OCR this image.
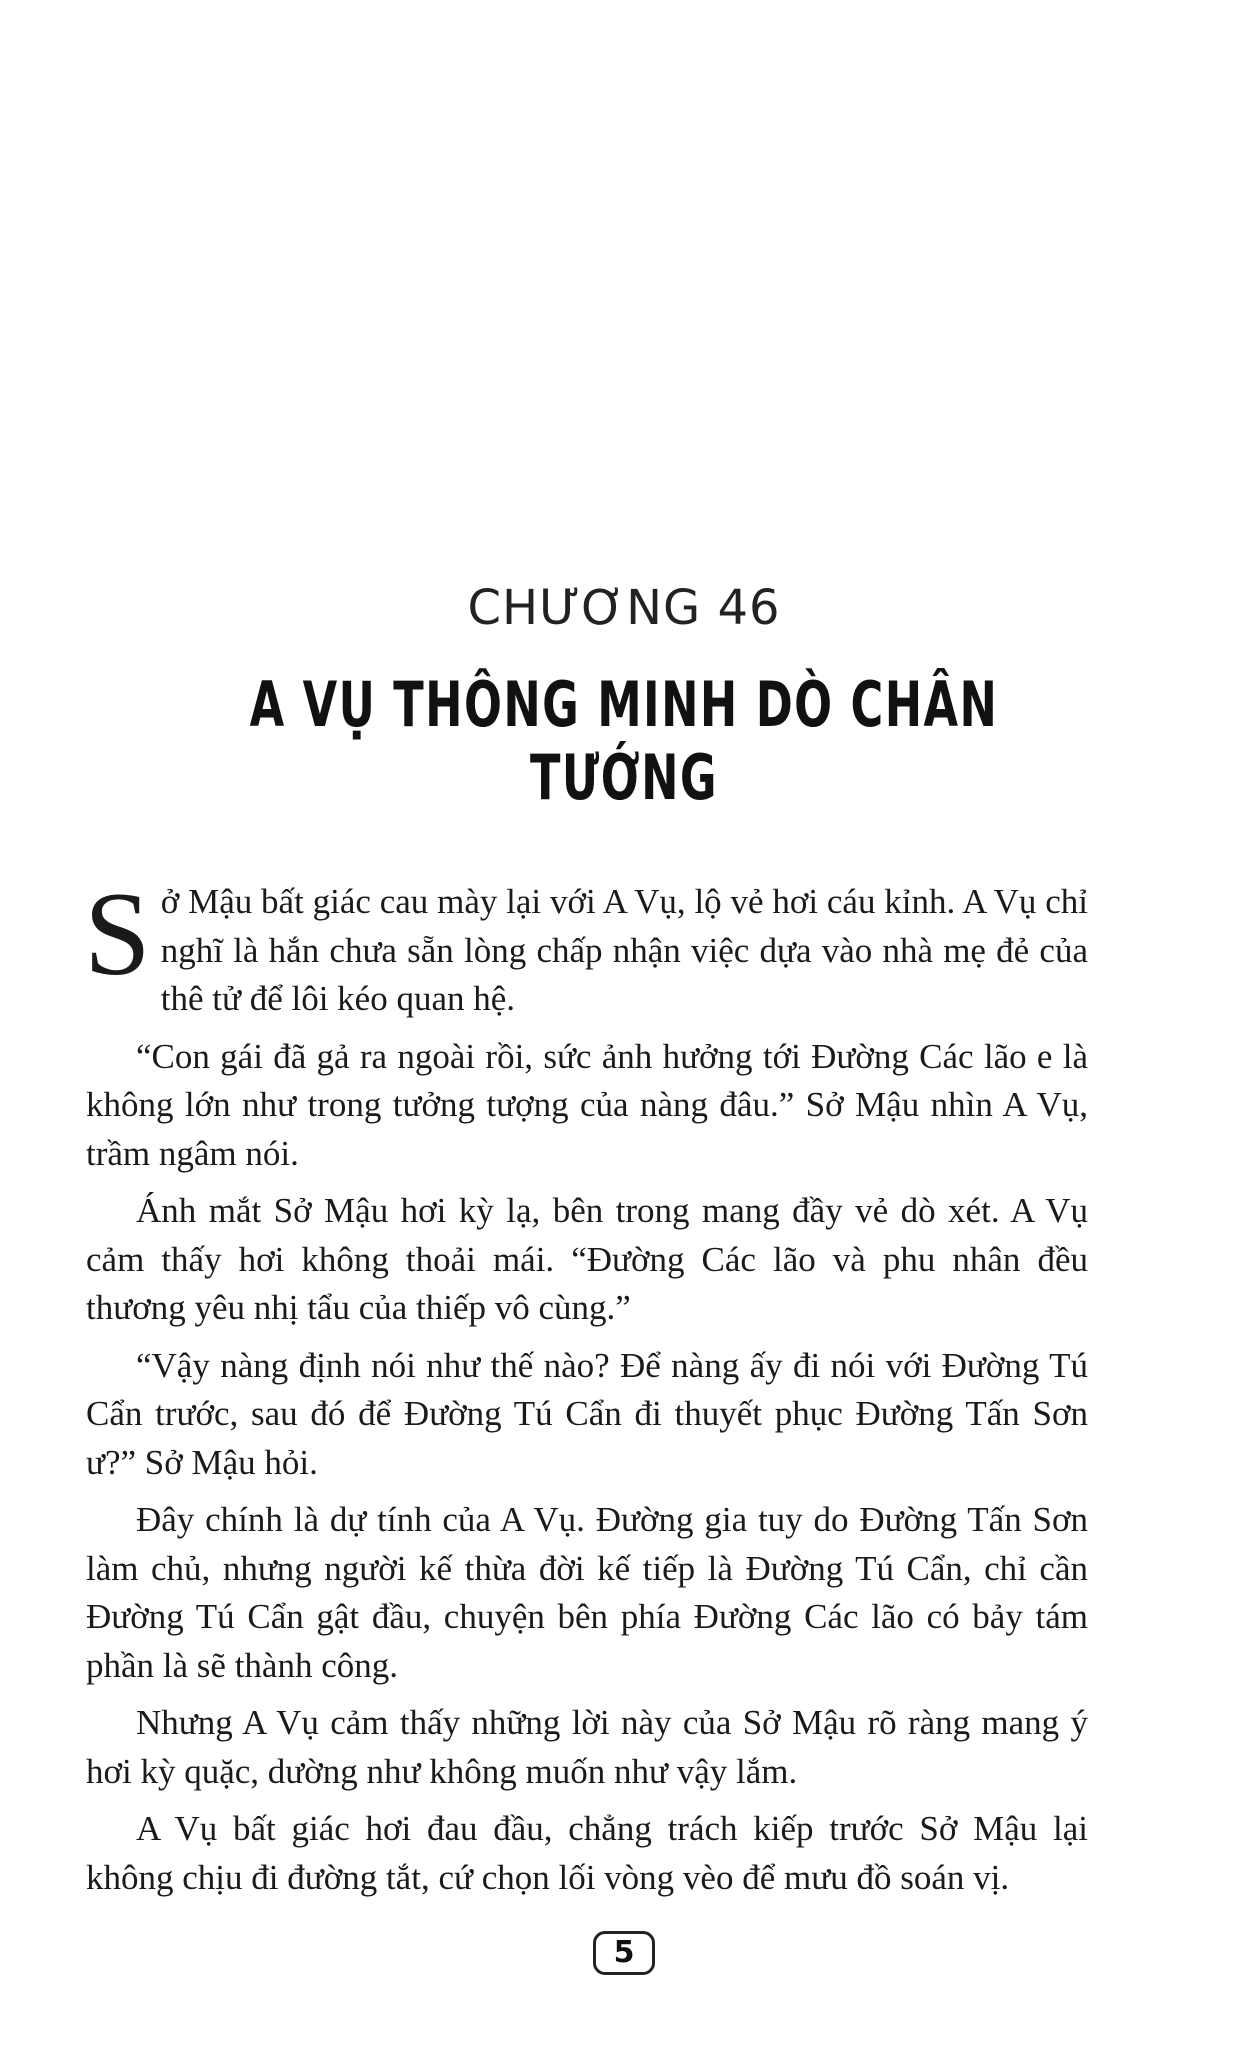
CHƯƠNG 46
A VỤ THÔNG MINH DÒ CHÂN TƯỚNG

Sở Mậu bất giác cau mày lại với A Vụ, lộ vẻ hơi cáu kỉnh. A Vụ chỉ nghĩ là hắn chưa sẵn lòng chấp nhận việc dựa vào nhà mẹ đẻ của thê tử để lôi kéo quan hệ.

“Con gái đã gả ra ngoài rồi, sức ảnh hưởng tới Đường Các lão e là không lớn như trong tưởng tượng của nàng đâu.” Sở Mậu nhìn A Vụ, trầm ngâm nói.

Ánh mắt Sở Mậu hơi kỳ lạ, bên trong mang đầy vẻ dò xét. A Vụ cảm thấy hơi không thoải mái. “Đường Các lão và phu nhân đều thương yêu nhị tẩu của thiếp vô cùng.”

“Vậy nàng định nói như thế nào? Để nàng ấy đi nói với Đường Tú Cẩn trước, sau đó để Đường Tú Cẩn đi thuyết phục Đường Tấn Sơn ư?” Sở Mậu hỏi.

Đây chính là dự tính của A Vụ. Đường gia tuy do Đường Tấn Sơn làm chủ, nhưng người kế thừa đời kế tiếp là Đường Tú Cẩn, chỉ cần Đường Tú Cẩn gật đầu, chuyện bên phía Đường Các lão có bảy tám phần là sẽ thành công.

Nhưng A Vụ cảm thấy những lời này của Sở Mậu rõ ràng mang ý hơi kỳ quặc, dường như không muốn như vậy lắm.

A Vụ bất giác hơi đau đầu, chẳng trách kiếp trước Sở Mậu lại không chịu đi đường tắt, cứ chọn lối vòng vèo để mưu đồ soán vị.

5
